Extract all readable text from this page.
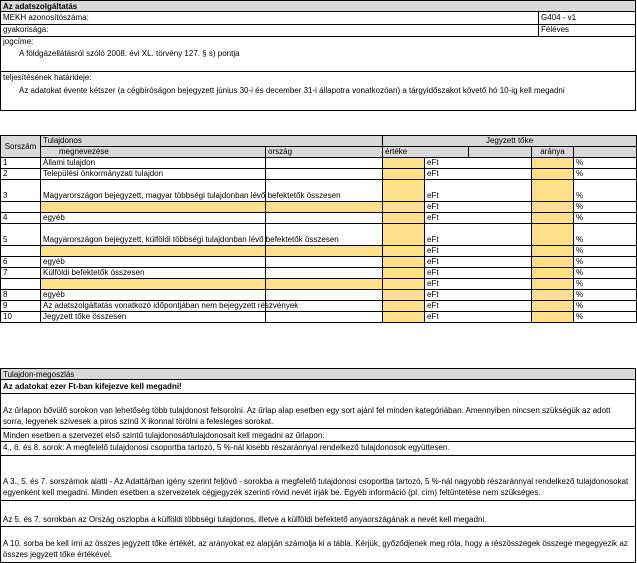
Az adatszolgáltatás
MEKH azonosítószáma:	G404 - v1
gyakorisága:	Féléves
jogcíme:
A földgázellátásról szóló 2008. évi XL. törvény 127. § s) pontja
teljesítésének határideje:
Az adatokat évente kétszer (a cégbíróságon bejegyzett június 30-i és december 31-i állapotra vonatkozóan) a tárgyidőszakot követő hó 10-ig kell megadni
Sorszám	Tulajdonos		Jegyzett tőke				
	megnevezése	ország	értéke			aránya	
1	Állami tulajdon			eFt			%
2	Települési önkormányzati tulajdon			eFt			%
3	Magyarországon bejegyzett, magyar többségi tulajdonban lévő befektetők összesen			eFt			%
				eFt			%
4	egyéb			eFt			%
5	Magyarországon bejegyzett, külföldi többségi tulajdonban lévő befektetők összesen			eFt			%
				eFt			%
6	egyéb			eFt			%
7	Külföldi befektetők összesen			eFt			%
				eFt			%
8	egyéb			eFt			%
9	Az adatszolgáltatás vonatkozó időpontjában nem bejegyzett részvények			eFt			%
10	Jegyzett tőke összesen			eFt			%
Tulajdon-megoszlás
Az adatokat ezer Ft-ban kifejezve kell megadni!
Az űrlapon bővülő sorokon van lehetőség több tulajdonost felsorolni. Az űrlap alap esetben egy sort ajánl fel minden kategóriában. Amennyiben nincsen szükségük az adott sorra, legyenek szívesek a piros színű X ikonnal törölni a felesleges sorokat.
Minden esetben a szervezet első szintű tulajdonosát/tulajdonosait kell megadni az űrlapon.
4., 6. és 8. sorok: A megfelelő tulajdonosi csoportba tartozó, 5 %-nál kisebb részaránnyal rendelkező tulajdonosok együttesen.
A 3., 5. és 7. sorszámok alatti - Az Adattárban igény szerint feljövő - sorokba a megfelelő tulajdonosi csoportba tartozó, 5 %-nál nagyobb részaránnyal rendelkező tulajdonosokat egyenként kell megadni. Minden esetben a szervezetek cégjegyzék szerinti rövid nevét írják be. Egyéb információ (pl. cím) feltüntetése nem szükséges.
Az 5. és 7. sorokban az Ország oszlopba a külföldi többségi tulajdonos, illetve a külföldi befektető anyaországának a nevét kell megadni.
A 10. sorba be kell írni az összes jegyzett tőke értékét, az arányokat ez alapján számolja ki a tábla. Kérjük, győződjenek meg róla, hogy a részösszegek összege megegyezik az összes jegyzett tőke értékével.
